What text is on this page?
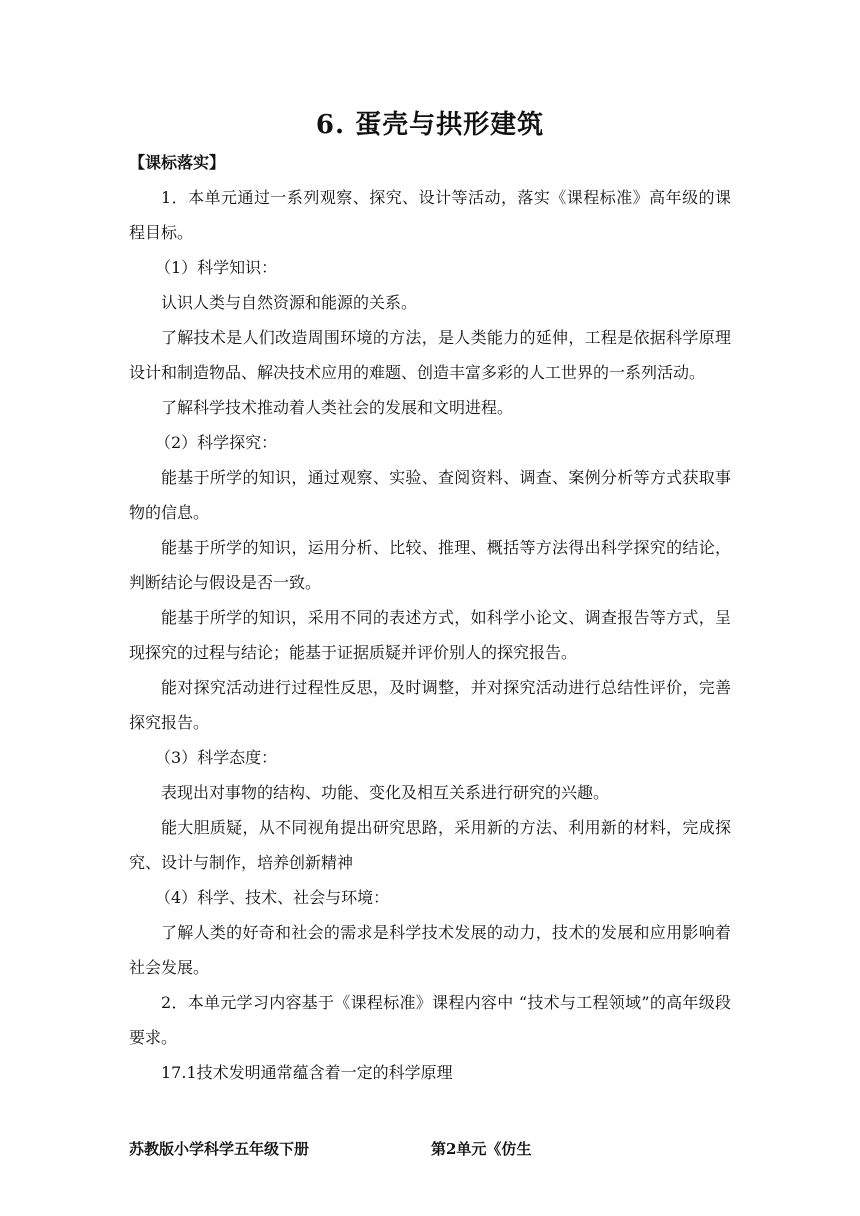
6. 蛋壳与拱形建筑

【课标落实】

1．本单元通过一系列观察、探究、设计等活动，落实《课程标准》高年级的课程目标。

（1）科学知识：

认识人类与自然资源和能源的关系。

了解技术是人们改造周围环境的方法，是人类能力的延伸，工程是依据科学原理设计和制造物品、解决技术应用的难题、创造丰富多彩的人工世界的一系列活动。

了解科学技术推动着人类社会的发展和文明进程。

（2）科学探究：

能基于所学的知识，通过观察、实验、查阅资料、调查、案例分析等方式获取事物的信息。

能基于所学的知识，运用分析、比较、推理、概括等方法得出科学探究的结论，判断结论与假设是否一致。

能基于所学的知识，采用不同的表述方式，如科学小论文、调查报告等方式，呈现探究的过程与结论；能基于证据质疑并评价别人的探究报告。

能对探究活动进行过程性反思，及时调整，并对探究活动进行总结性评价，完善探究报告。

（3）科学态度：

表现出对事物的结构、功能、变化及相互关系进行研究的兴趣。

能大胆质疑，从不同视角提出研究思路，采用新的方法、利用新的材料，完成探究、设计与制作，培养创新精神

（4）科学、技术、社会与环境：

了解人类的好奇和社会的需求是科学技术发展的动力，技术的发展和应用影响着社会发展。

2．本单元学习内容基于《课程标准》课程内容中 “技术与工程领域”的高年级段要求。

17.1技术发明通常蕴含着一定的科学原理

苏教版小学科学五年级下册	第2单元《仿生
